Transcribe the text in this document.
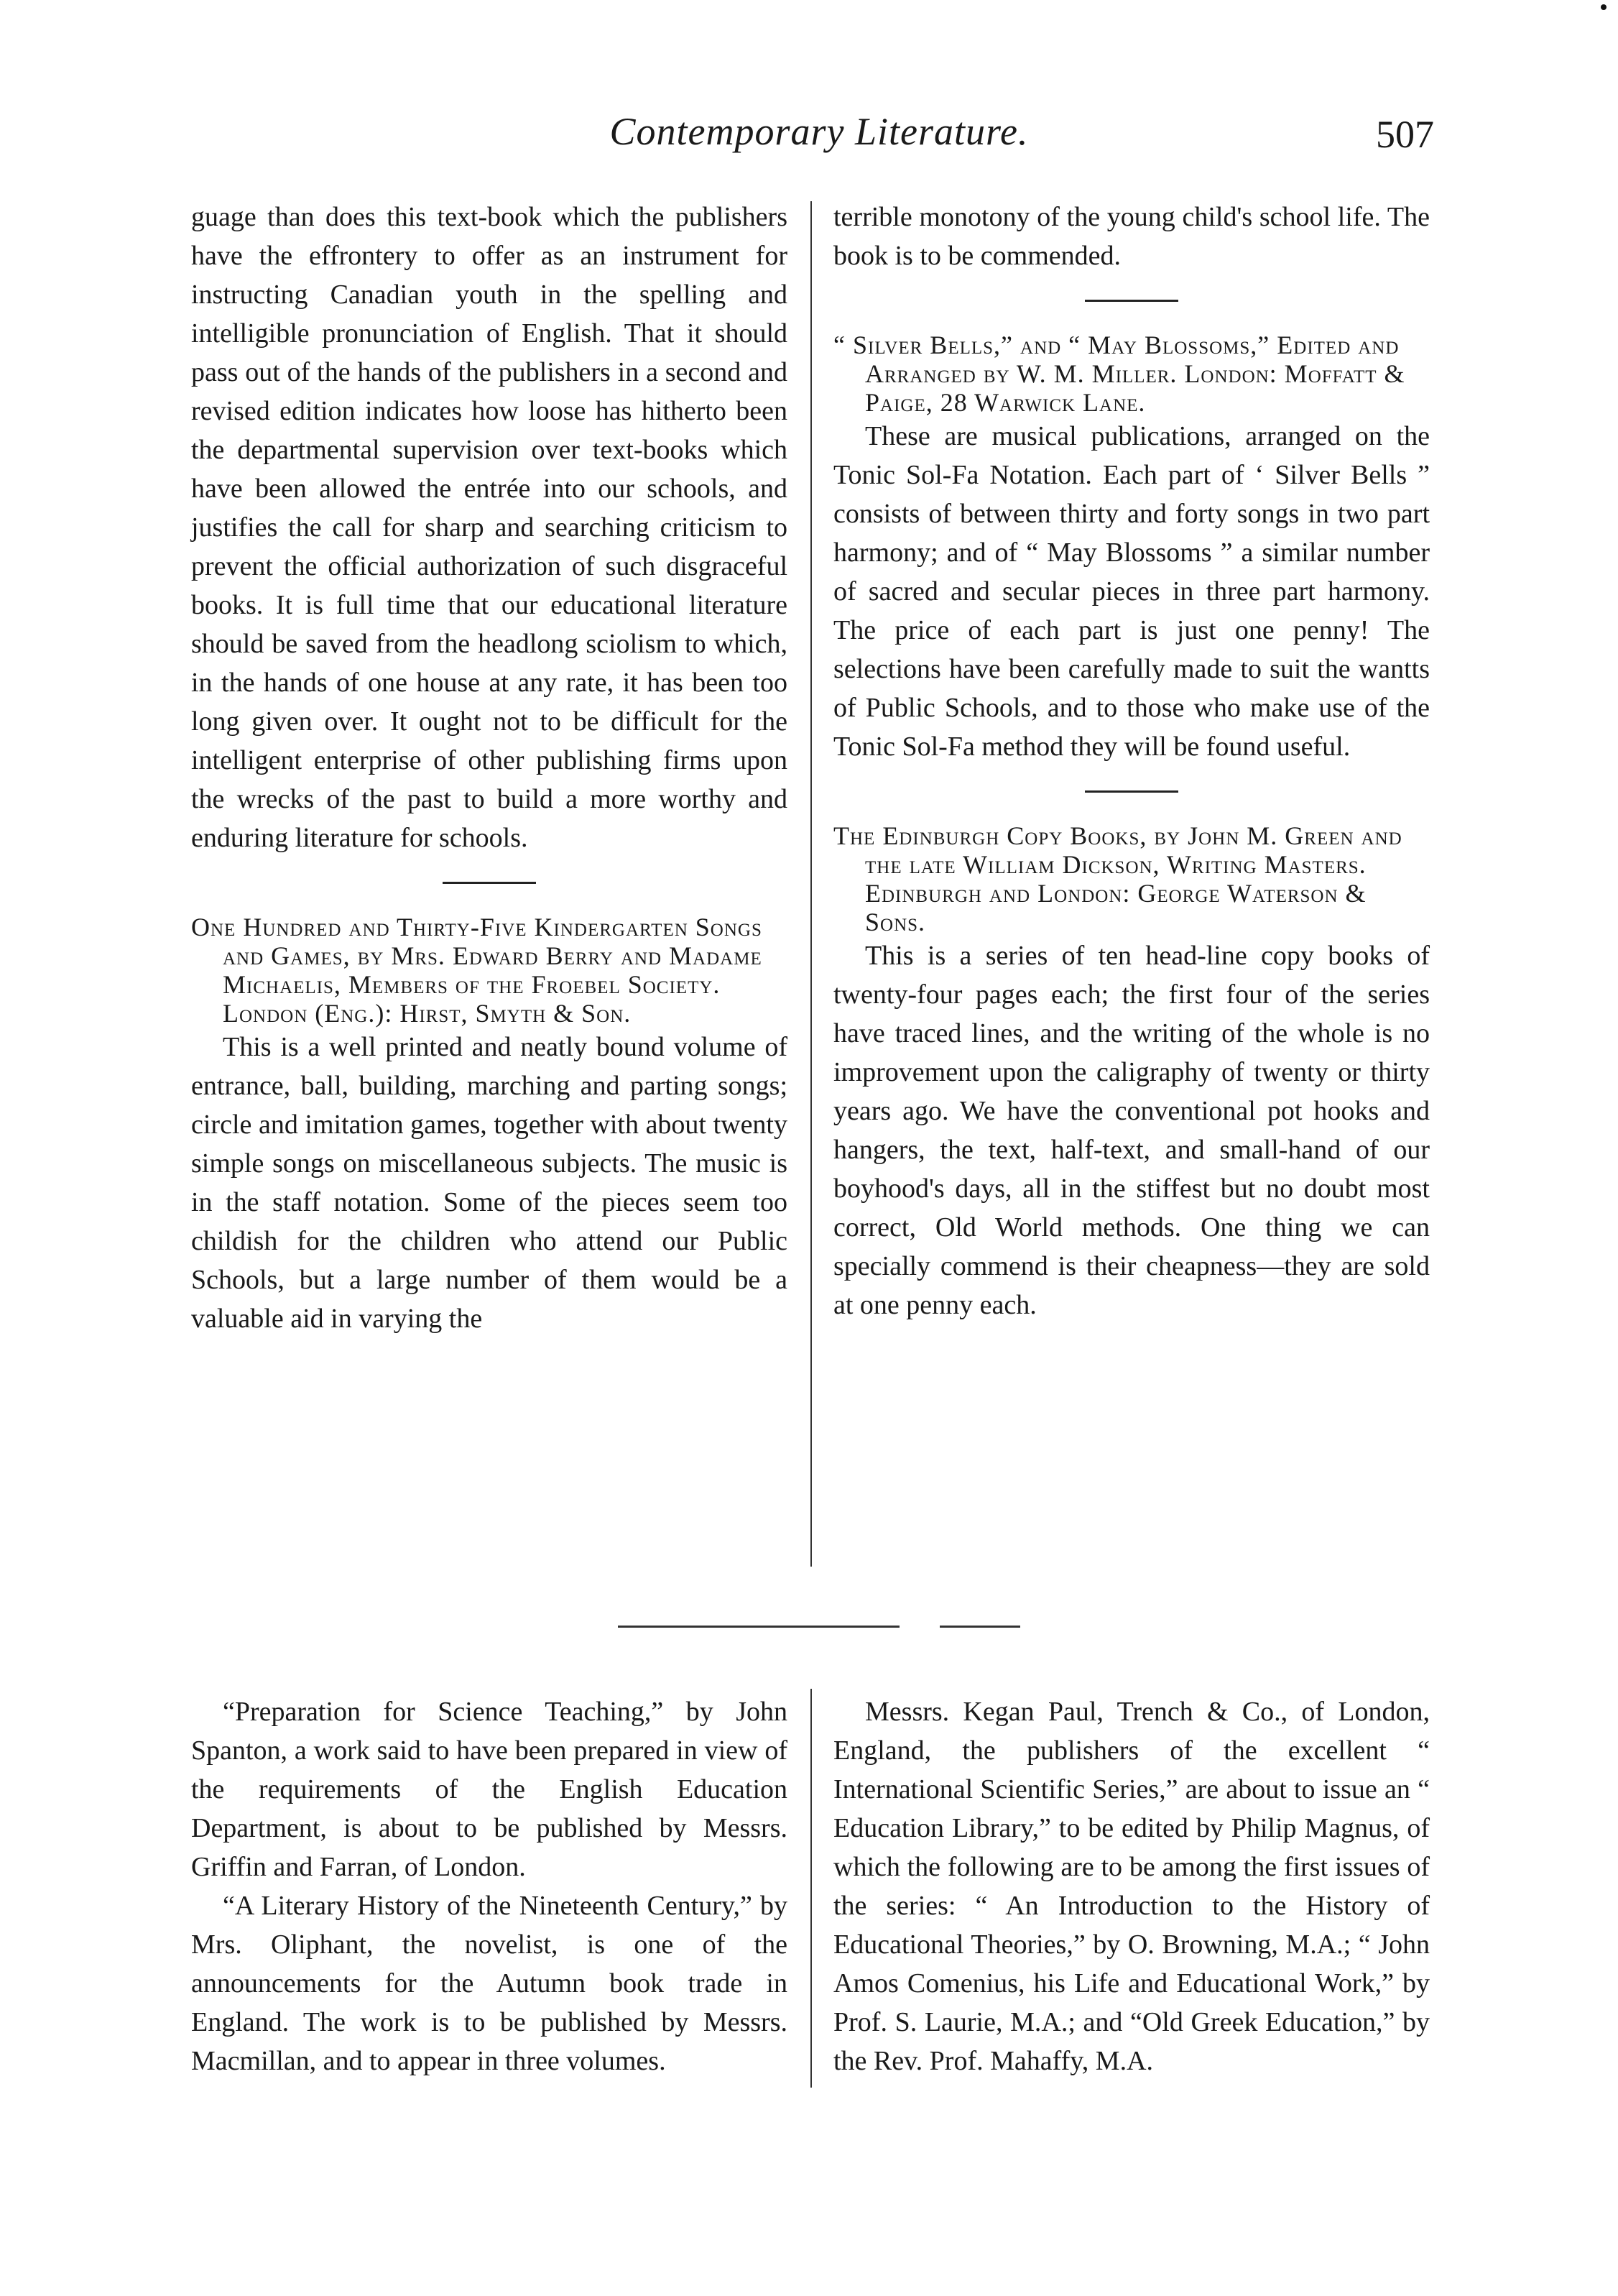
Contemporary Literature.	507

guage than does this text-book which the publishers have the effrontery to offer as an instrument for instructing Canadian youth in the spelling and intelligible pronunciation of English. That it should pass out of the hands of the publishers in a second and revised edition indicates how loose has hitherto been the departmental supervision over text-books which have been allowed the entrée into our schools, and justifies the call for sharp and searching criticism to prevent the official authorization of such disgraceful books. It is full time that our educational literature should be saved from the headlong sciolism to which, in the hands of one house at any rate, it has been too long given over. It ought not to be difficult for the intelligent enterprise of other publishing firms upon the wrecks of the past to build a more worthy and enduring literature for schools.

One Hundred and Thirty-Five Kindergarten Songs and Games, by Mrs. Edward Berry and Madame Michaelis, Members of the Froebel Society. London (Eng.): Hirst, Smyth & Son.

This is a well printed and neatly bound volume of entrance, ball, building, marching and parting songs; circle and imitation games, together with about twenty simple songs on miscellaneous subjects. The music is in the staff notation. Some of the pieces seem too childish for the children who attend our Public Schools, but a large number of them would be a valuable aid in varying the

terrible monotony of the young child's school life. The book is to be commended.

“ Silver Bells,” and “ May Blossoms,” Edited and Arranged by W. M. Miller. London: Moffatt & Paige, 28 Warwick Lane.

These are musical publications, arranged on the Tonic Sol-Fa Notation. Each part of ‘ Silver Bells ” consists of between thirty and forty songs in two part harmony; and of “ May Blossoms ” a similar number of sacred and secular pieces in three part harmony. The price of each part is just one penny! The selections have been carefully made to suit the wantts of Public Schools, and to those who make use of the Tonic Sol-Fa method they will be found useful.

The Edinburgh Copy Books, by John M. Green and the late William Dickson, Writing Masters. Edinburgh and London: George Waterson & Sons.

This is a series of ten head-line copy books of twenty-four pages each; the first four of the series have traced lines, and the writing of the whole is no improvement upon the caligraphy of twenty or thirty years ago. We have the conventional pot hooks and hangers, the text, half-text, and small-hand of our boyhood's days, all in the stiffest but no doubt most correct, Old World methods. One thing we can specially commend is their cheapness—they are sold at one penny each.

“Preparation for Science Teaching,” by John Spanton, a work said to have been prepared in view of the requirements of the English Education Department, is about to be published by Messrs. Griffin and Farran, of London.

“A Literary History of the Nineteenth Century,” by Mrs. Oliphant, the novelist, is one of the announcements for the Autumn book trade in England. The work is to be published by Messrs. Macmillan, and to appear in three volumes.

Messrs. Kegan Paul, Trench & Co., of London, England, the publishers of the excellent “ International Scientific Series,” are about to issue an “ Education Library,” to be edited by Philip Magnus, of which the following are to be among the first issues of the series: “ An Introduction to the History of Educational Theories,” by O. Browning, M.A.; “ John Amos Comenius, his Life and Educational Work,” by Prof. S. Laurie, M.A.; and “Old Greek Education,” by the Rev. Prof. Mahaffy, M.A.
